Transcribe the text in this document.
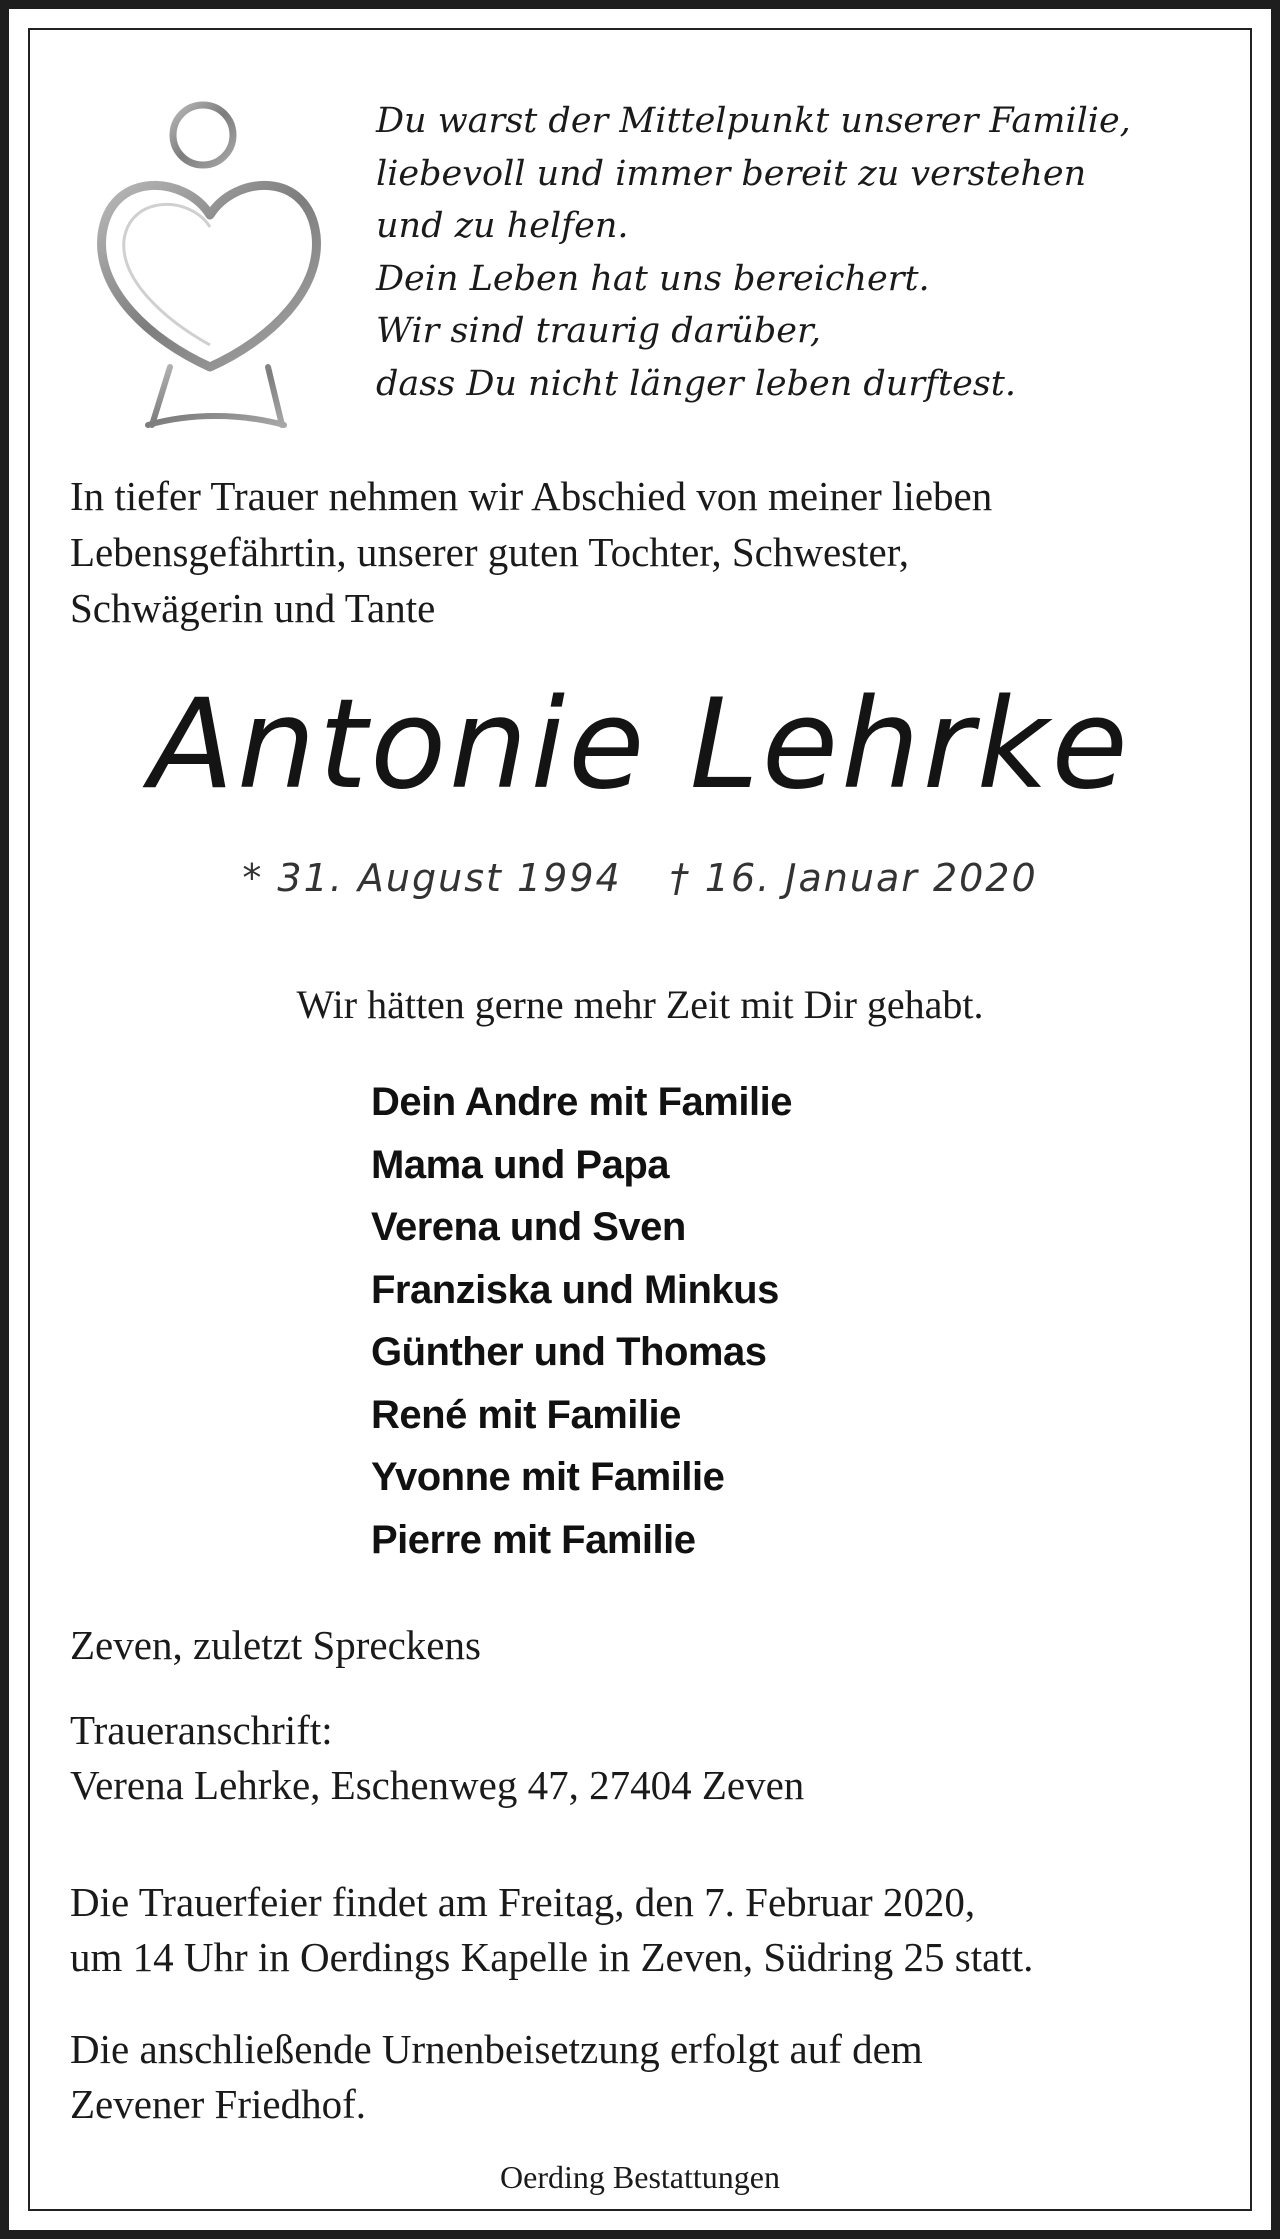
Du warst der Mittelpunkt unserer Familie,
liebevoll und immer bereit zu verstehen
und zu helfen.
Dein Leben hat uns bereichert.
Wir sind traurig darüber,
dass Du nicht länger leben durftest.
In tiefer Trauer nehmen wir Abschied von meiner lieben
Lebensgefährtin, unserer guten Tochter, Schwester,
Schwägerin und Tante
Antonie Lehrke
* 31. August 1994 † 16. Januar 2020
Wir hätten gerne mehr Zeit mit Dir gehabt.
Dein Andre mit Familie
Mama und Papa
Verena und Sven
Franziska und Minkus
Günther und Thomas
René mit Familie
Yvonne mit Familie
Pierre mit Familie
Zeven, zuletzt Spreckens
Traueranschrift:
Verena Lehrke, Eschenweg 47, 27404 Zeven
Die Trauerfeier findet am Freitag, den 7. Februar 2020,
um 14 Uhr in Oerdings Kapelle in Zeven, Südring 25 statt.
Die anschließende Urnenbeisetzung erfolgt auf dem
Zevener Friedhof.
Oerding Bestattungen
